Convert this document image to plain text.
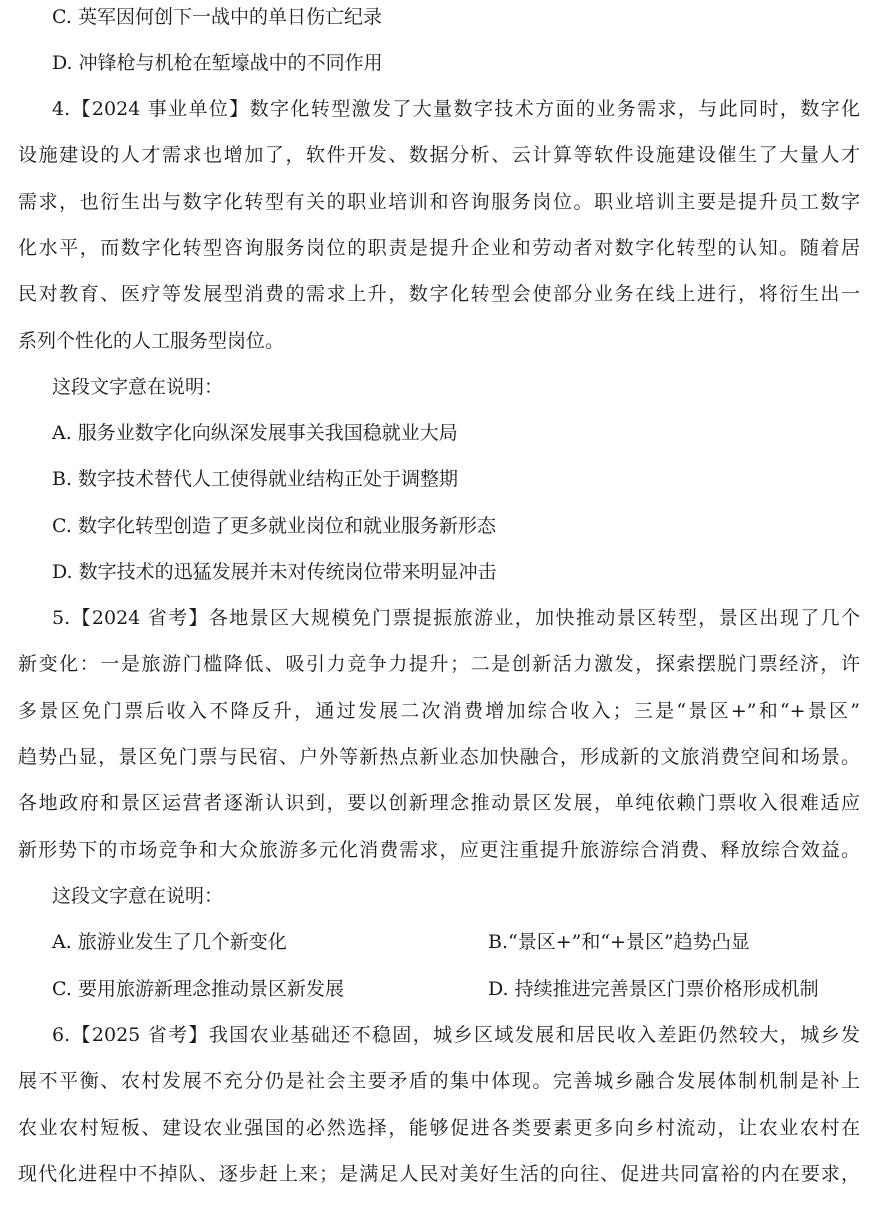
C. 英军因何创下一战中的单日伤亡纪录
D. 冲锋枪与机枪在堑壕战中的不同作用
4.【2024 事业单位】数字化转型激发了大量数字技术方面的业务需求，与此同时，数字化
设施建设的人才需求也增加了，软件开发、数据分析、云计算等软件设施建设催生了大量人才
需求，也衍生出与数字化转型有关的职业培训和咨询服务岗位。职业培训主要是提升员工数字
化水平，而数字化转型咨询服务岗位的职责是提升企业和劳动者对数字化转型的认知。随着居
民对教育、医疗等发展型消费的需求上升，数字化转型会使部分业务在线上进行，将衍生出一
系列个性化的人工服务型岗位。
这段文字意在说明：
A. 服务业数字化向纵深发展事关我国稳就业大局
B. 数字技术替代人工使得就业结构正处于调整期
C. 数字化转型创造了更多就业岗位和就业服务新形态
D. 数字技术的迅猛发展并未对传统岗位带来明显冲击
5.【2024 省考】各地景区大规模免门票提振旅游业，加快推动景区转型，景区出现了几个
新变化：一是旅游门槛降低、吸引力竞争力提升；二是创新活力激发，探索摆脱门票经济，许
多景区免门票后收入不降反升，通过发展二次消费增加综合收入；三是“景区+”和“+景区”
趋势凸显，景区免门票与民宿、户外等新热点新业态加快融合，形成新的文旅消费空间和场景。
各地政府和景区运营者逐渐认识到，要以创新理念推动景区发展，单纯依赖门票收入很难适应
新形势下的市场竞争和大众旅游多元化消费需求，应更注重提升旅游综合消费、释放综合效益。
这段文字意在说明：
A. 旅游业发生了几个新变化	B.“景区+”和“+景区”趋势凸显
C. 要用旅游新理念推动景区新发展	D. 持续推进完善景区门票价格形成机制
6.【2025 省考】我国农业基础还不稳固，城乡区域发展和居民收入差距仍然较大，城乡发
展不平衡、农村发展不充分仍是社会主要矛盾的集中体现。完善城乡融合发展体制机制是补上
农业农村短板、建设农业强国的必然选择，能够促进各类要素更多向乡村流动，让农业农村在
现代化进程中不掉队、逐步赶上来；是满足人民对美好生活的向往、促进共同富裕的内在要求，
